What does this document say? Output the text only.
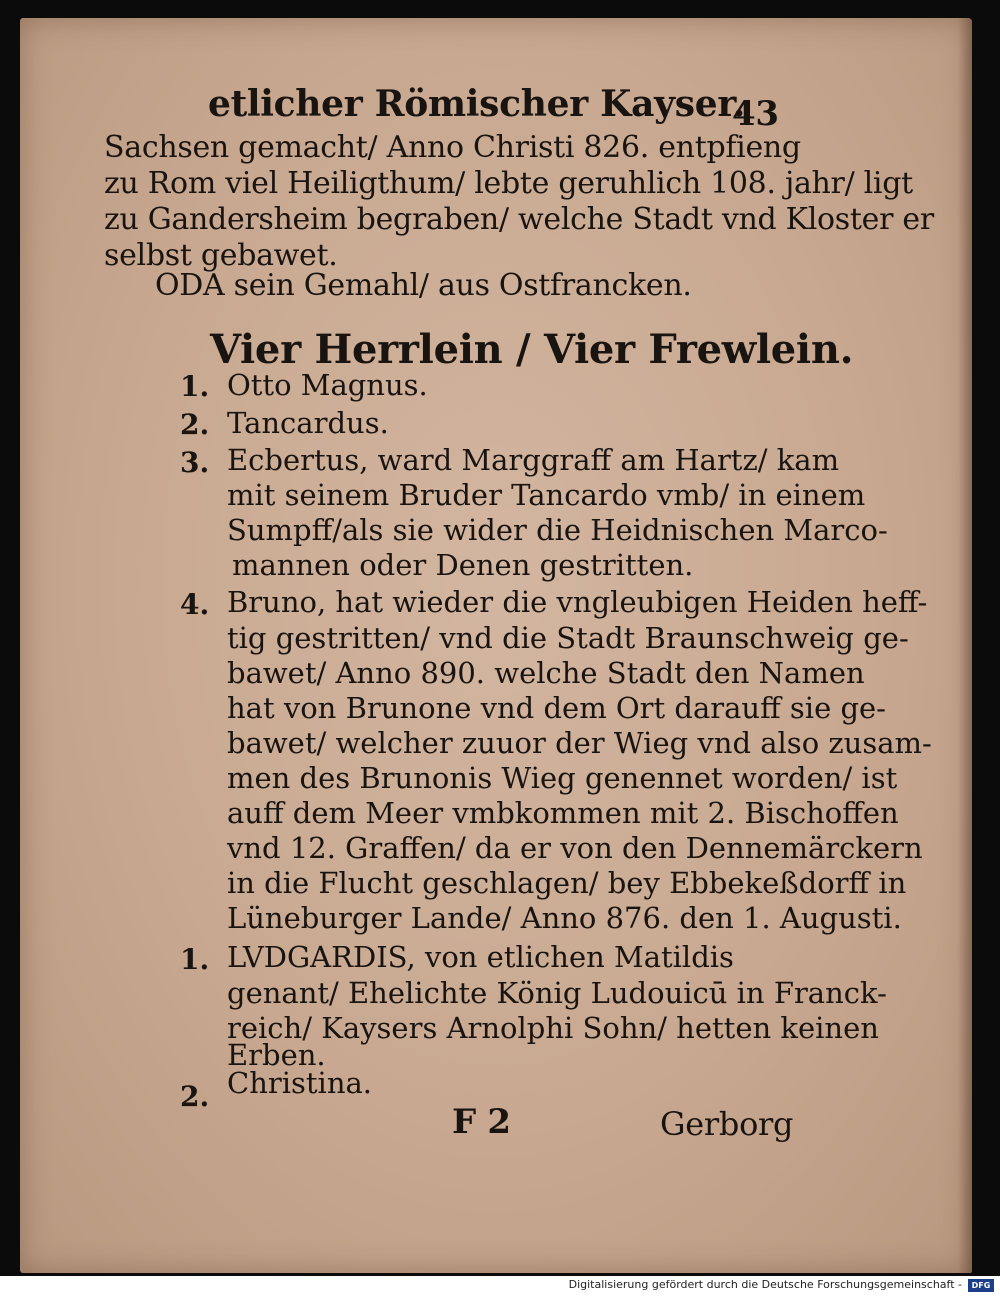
etlicher Römischer Kayser.
43
Sachsen gemacht/ Anno Christi 826. entpfieng
zu Rom viel Heiligthum/ lebte geruhlich 108. jahr/ ligt
zu Gandersheim begraben/ welche Stadt vnd Kloster er
selbst gebawet.
ODA sein Gemahl/ aus Ostfrancken.
Vier Herrlein / Vier Frewlein.
1. Otto Magnus.
2. Tancardus.
3. Ecbertus, ward Marggraff am Hartz/ kam
mit seinem Bruder Tancardo vmb/ in einem
Sumpff/als sie wider die Heidnischen Marco-
mannen oder Denen gestritten.
4. Bruno, hat wieder die vngleubigen Heiden heff-
tig gestritten/ vnd die Stadt Braunschweig ge-
bawet/ Anno 890. welche Stadt den Namen
hat von Brunone vnd dem Ort darauff sie ge-
bawet/ welcher zuuor der Wieg vnd also zusam-
men des Brunonis Wieg genennet worden/ ist
auff dem Meer vmbkommen mit 2. Bischoffen
vnd 12. Graffen/ da er von den Dennemärckern
in die Flucht geschlagen/ bey Ebbekeßdorff in
Lüneburger Lande/ Anno 876. den 1. Augusti.
1. LVDGARDIS, von etlichen Matildis
genant/ Ehelichte König Ludouicū in Franck-
reich/ Kaysers Arnolphi Sohn/ hetten keinen
Erben.
2. Christina.
F 2	Gerborg
Digitalisierung gefördert durch die Deutsche Forschungsgemeinschaft -	DFG
